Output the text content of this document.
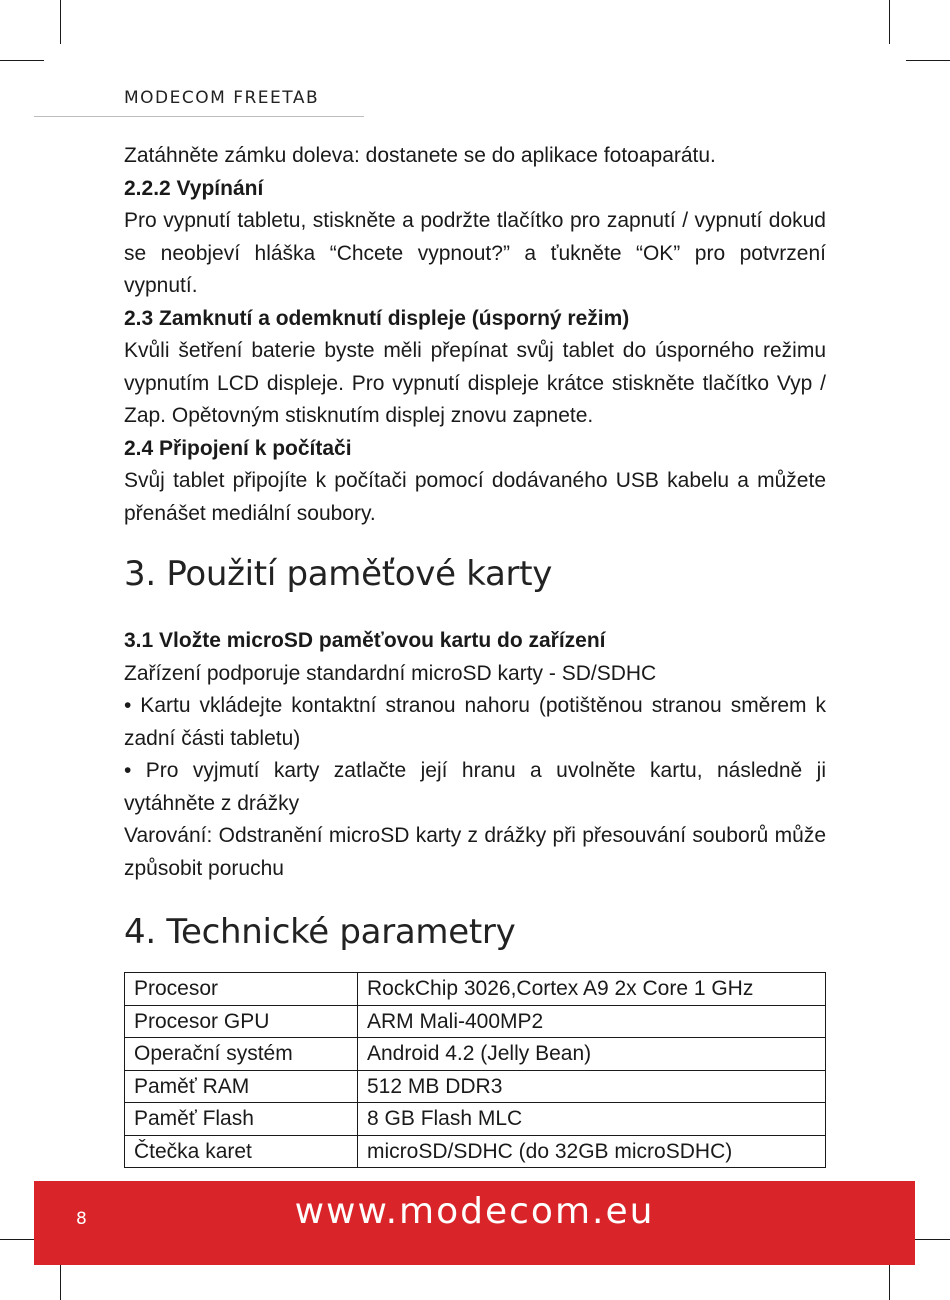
MODECOM FREETAB

Zatáhněte zámku doleva: dostanete se do aplikace fotoaparátu.

2.2.2 Vypínání

Pro vypnutí tabletu, stiskněte a podržte tlačítko pro zapnutí / vypnutí dokud se neobjeví hláška “Chcete vypnout?” a ťukněte “OK” pro potvrzení vypnutí.

2.3 Zamknutí a odemknutí displeje (úsporný režim)

Kvůli šetření baterie byste měli přepínat svůj tablet do úsporného režimu vypnutím LCD displeje. Pro vypnutí displeje krátce stiskněte tlačítko Vyp / Zap. Opětovným stisknutím displej znovu zapnete.

2.4 Připojení k počítači

Svůj tablet připojíte k počítači pomocí dodávaného USB kabelu a můžete přenášet mediální soubory.

3. Použití paměťové karty

3.1 Vložte microSD paměťovou kartu do zařízení

Zařízení podporuje standardní microSD karty - SD/SDHC

• Kartu vkládejte kontaktní stranou nahoru (potištěnou stranou směrem k zadní části tabletu)

• Pro vyjmutí karty zatlačte její hranu a uvolněte kartu, následně ji vytáhněte z drážky

Varování: Odstranění microSD karty z drážky při přesouvání souborů může způsobit poruchu

4. Technické parametry
Procesor	RockChip 3026,Cortex A9 2x Core 1 GHz
Procesor GPU	ARM Mali-400MP2
Operační systém	Android 4.2 (Jelly Bean)
Paměť RAM	512 MB DDR3
Paměť Flash	8 GB Flash MLC
Čtečka karet	microSD/SDHC (do 32GB microSDHC)
8	www.modecom.eu
